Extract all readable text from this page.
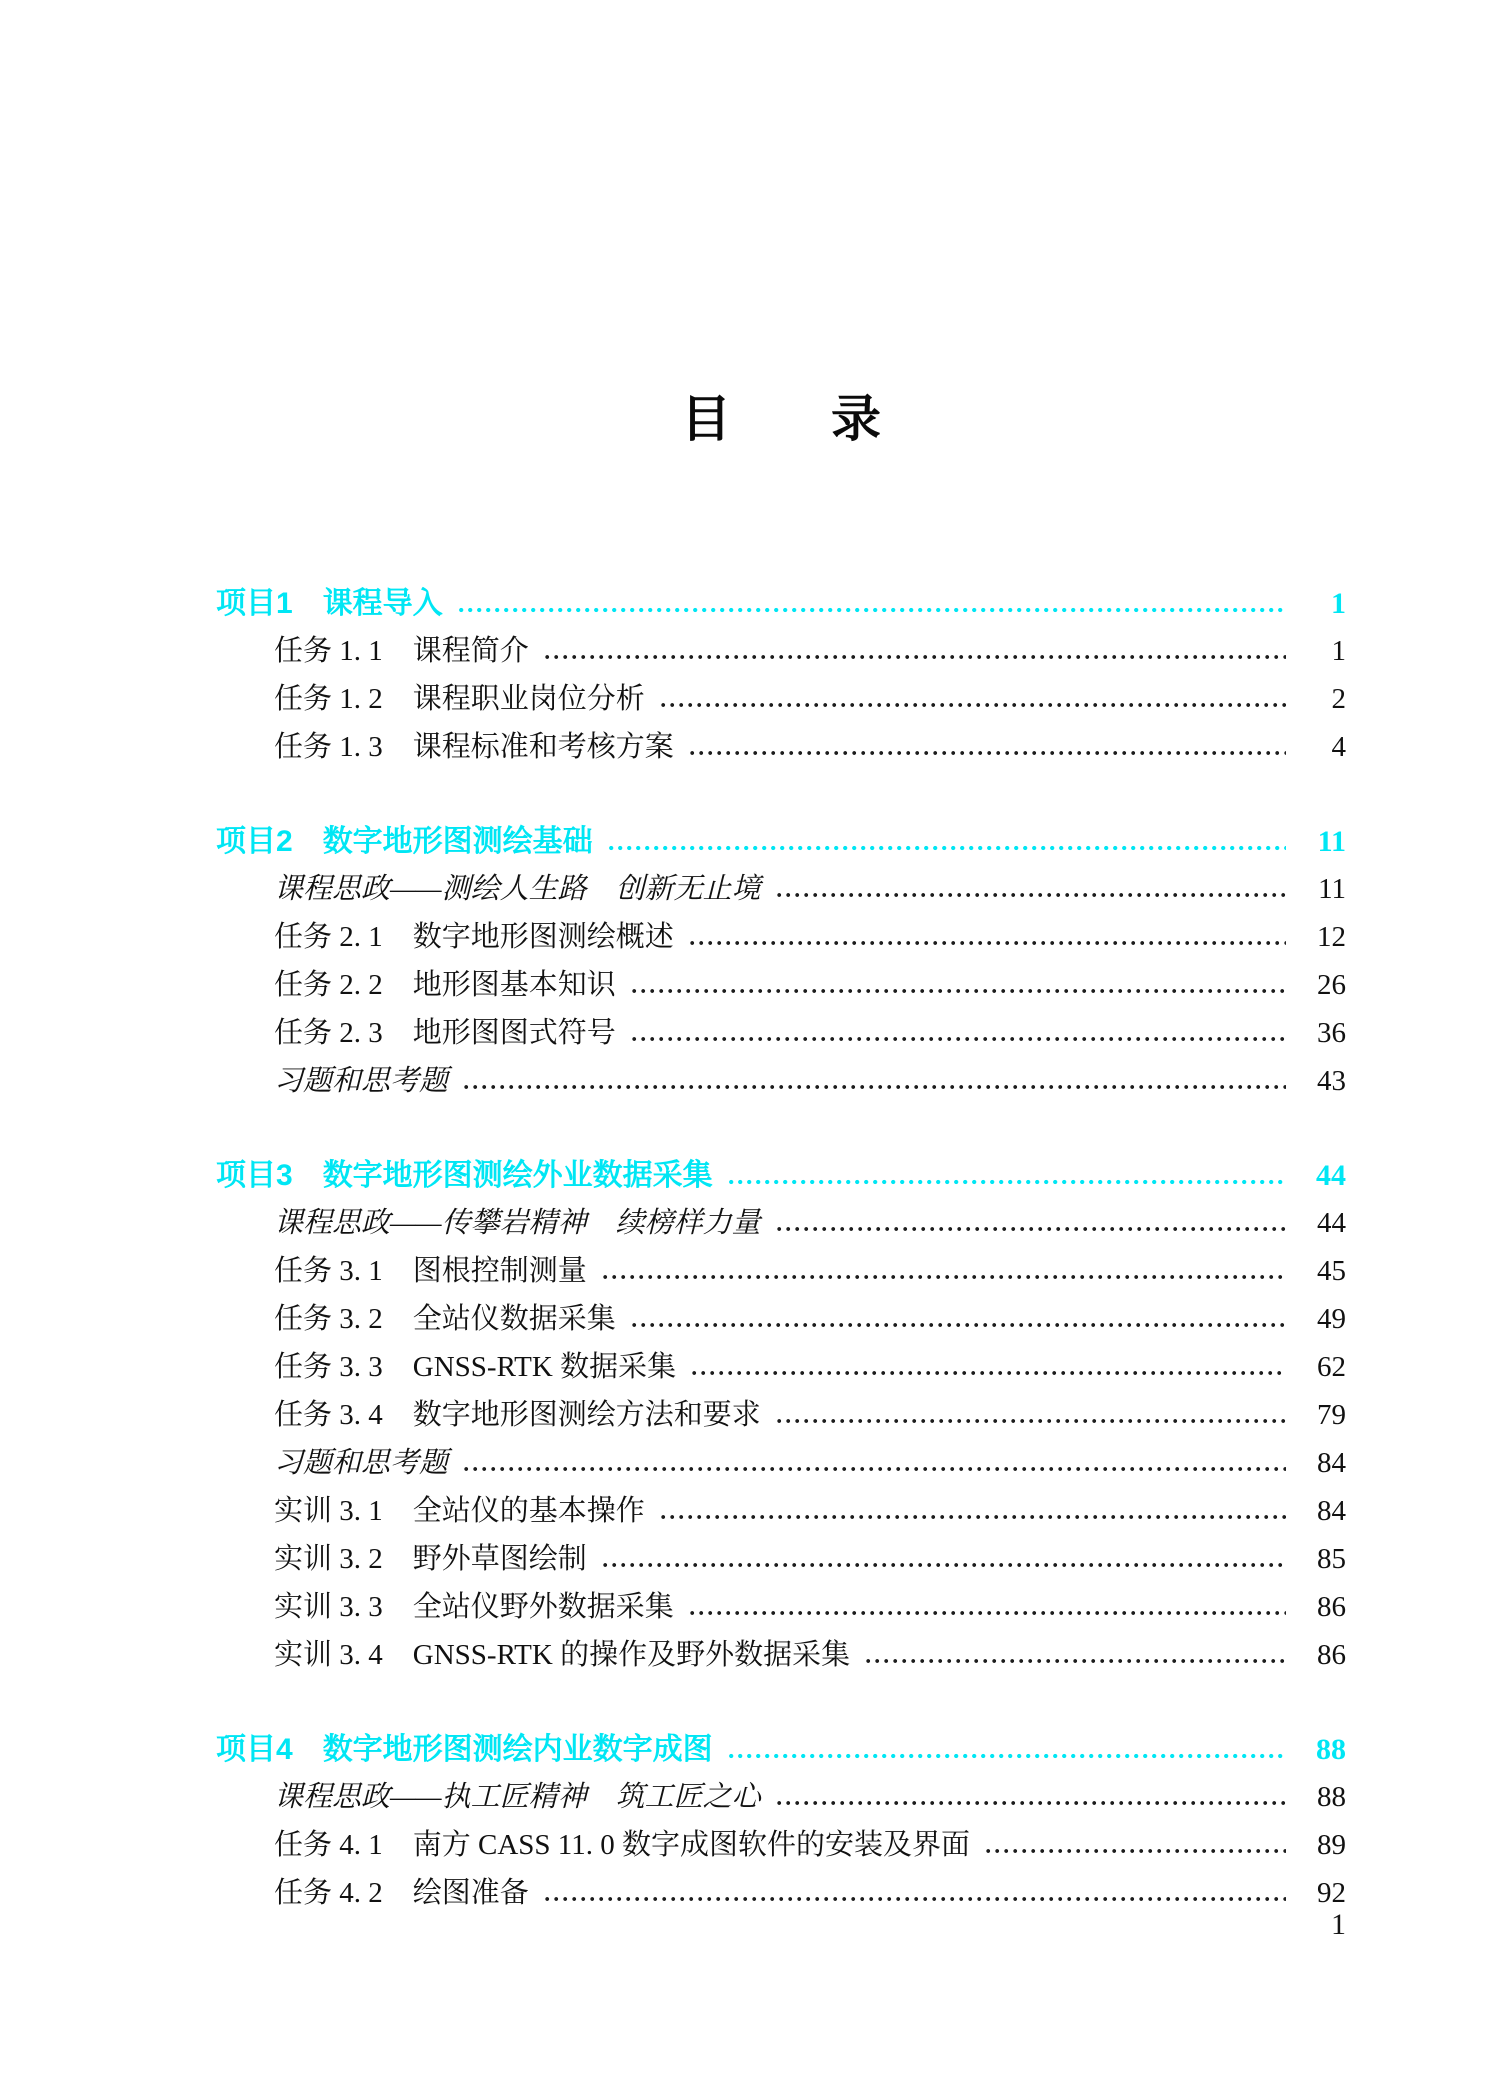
目　　录
项目1 课程导入	1
任务 1. 1 课程简介	1
任务 1. 2 课程职业岗位分析	2
任务 1. 3 课程标准和考核方案	4
项目2 数字地形图测绘基础	11
课程思政——测绘人生路　创新无止境	11
任务 2. 1 数字地形图测绘概述	12
任务 2. 2 地形图基本知识	26
任务 2. 3 地形图图式符号	36
习题和思考题	43
项目3 数字地形图测绘外业数据采集	44
课程思政——传攀岩精神　续榜样力量	44
任务 3. 1 图根控制测量	45
任务 3. 2 全站仪数据采集	49
任务 3. 3 GNSS-RTK 数据采集	62
任务 3. 4 数字地形图测绘方法和要求	79
习题和思考题	84
实训 3. 1 全站仪的基本操作	84
实训 3. 2 野外草图绘制	85
实训 3. 3 全站仪野外数据采集	86
实训 3. 4 GNSS-RTK 的操作及野外数据采集	86
项目4 数字地形图测绘内业数字成图	88
课程思政——执工匠精神　筑工匠之心	88
任务 4. 1 南方 CASS 11. 0 数字成图软件的安装及界面	89
任务 4. 2 绘图准备	92
1
